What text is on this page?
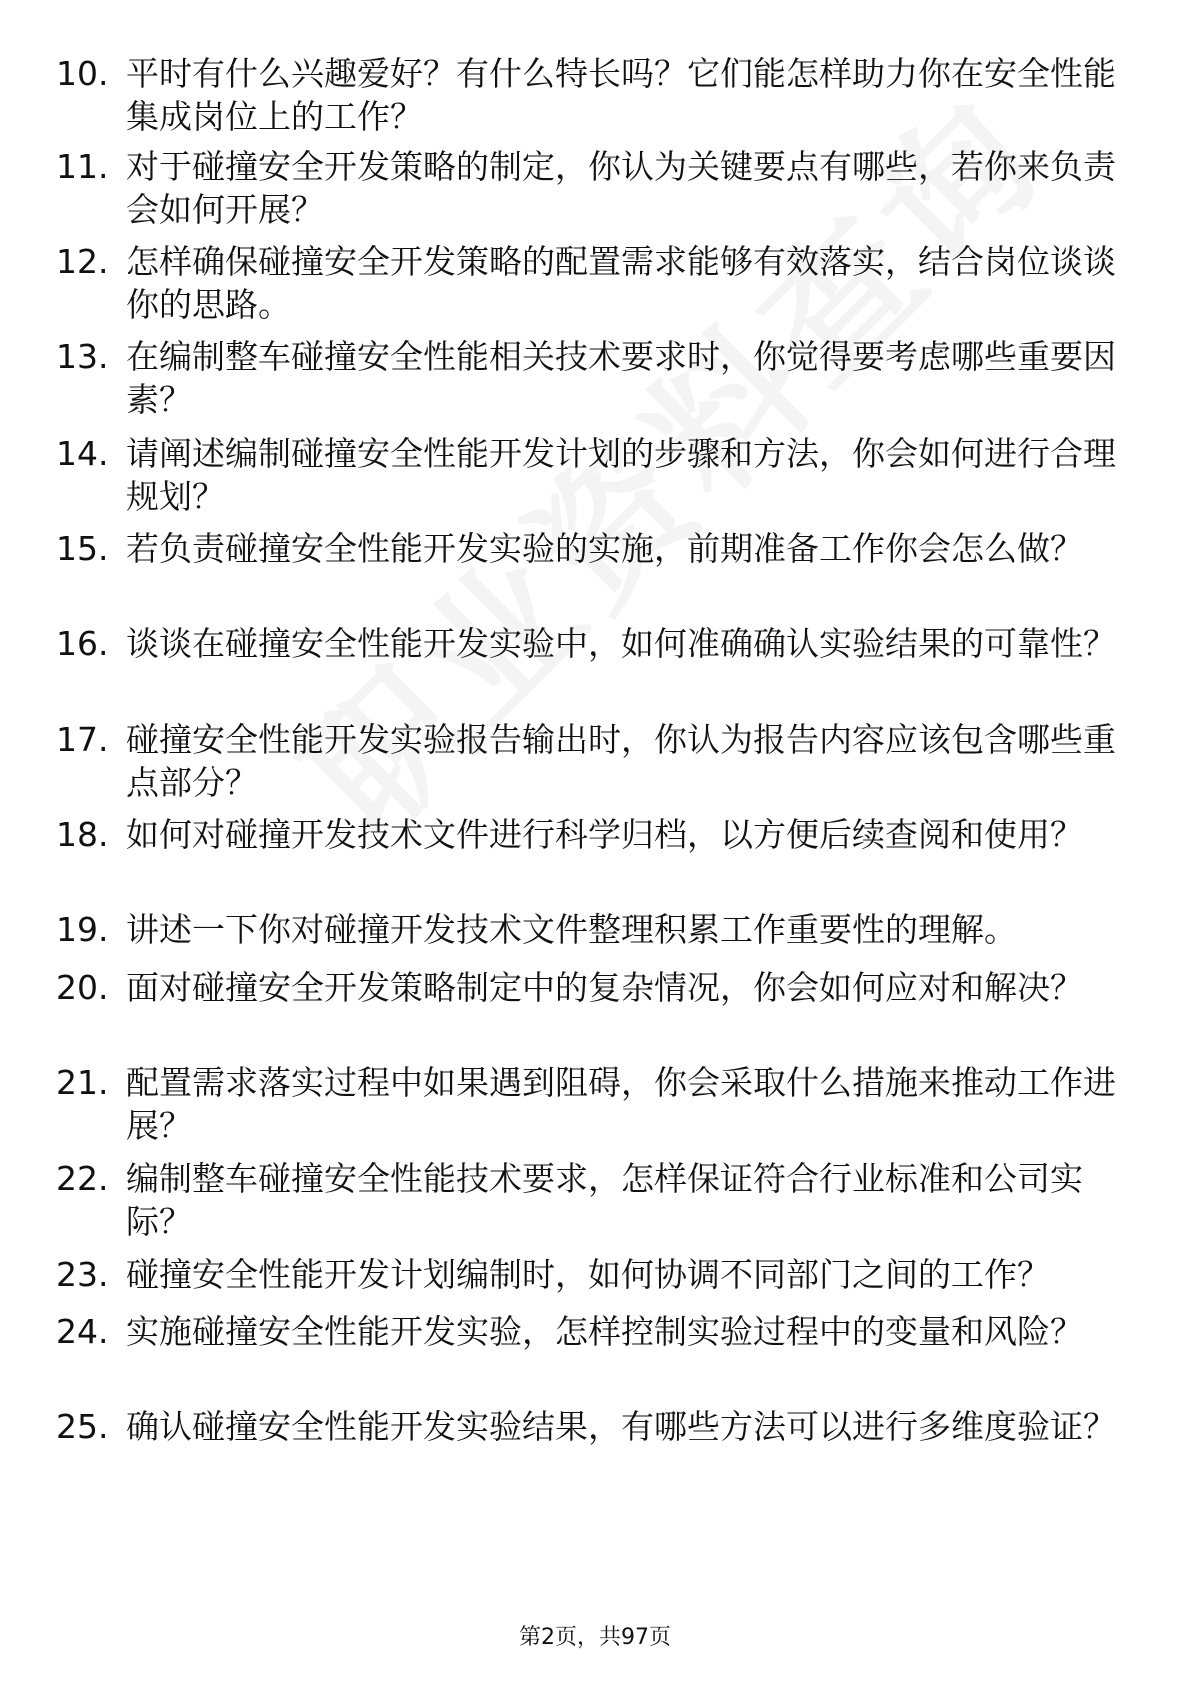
10. 平时有什么兴趣爱好？有什么特长吗？它们能怎样助力你在安全性能集成岗位上的工作？
11. 对于碰撞安全开发策略的制定，你认为关键要点有哪些，若你来负责会如何开展？
12. 怎样确保碰撞安全开发策略的配置需求能够有效落实，结合岗位谈谈你的思路。
13. 在编制整车碰撞安全性能相关技术要求时，你觉得要考虑哪些重要因素？
14. 请阐述编制碰撞安全性能开发计划的步骤和方法，你会如何进行合理规划？
15. 若负责碰撞安全性能开发实验的实施，前期准备工作你会怎么做？
16. 谈谈在碰撞安全性能开发实验中，如何准确确认实验结果的可靠性？
17. 碰撞安全性能开发实验报告输出时，你认为报告内容应该包含哪些重点部分？
18. 如何对碰撞开发技术文件进行科学归档，以方便后续查阅和使用？
19. 讲述一下你对碰撞开发技术文件整理积累工作重要性的理解。
20. 面对碰撞安全开发策略制定中的复杂情况，你会如何应对和解决？
21. 配置需求落实过程中如果遇到阻碍，你会采取什么措施来推动工作进展？
22. 编制整车碰撞安全性能技术要求，怎样保证符合行业标准和公司实际？
23. 碰撞安全性能开发计划编制时，如何协调不同部门之间的工作？
24. 实施碰撞安全性能开发实验，怎样控制实验过程中的变量和风险？
25. 确认碰撞安全性能开发实验结果，有哪些方法可以进行多维度验证？
第2页，共97页
